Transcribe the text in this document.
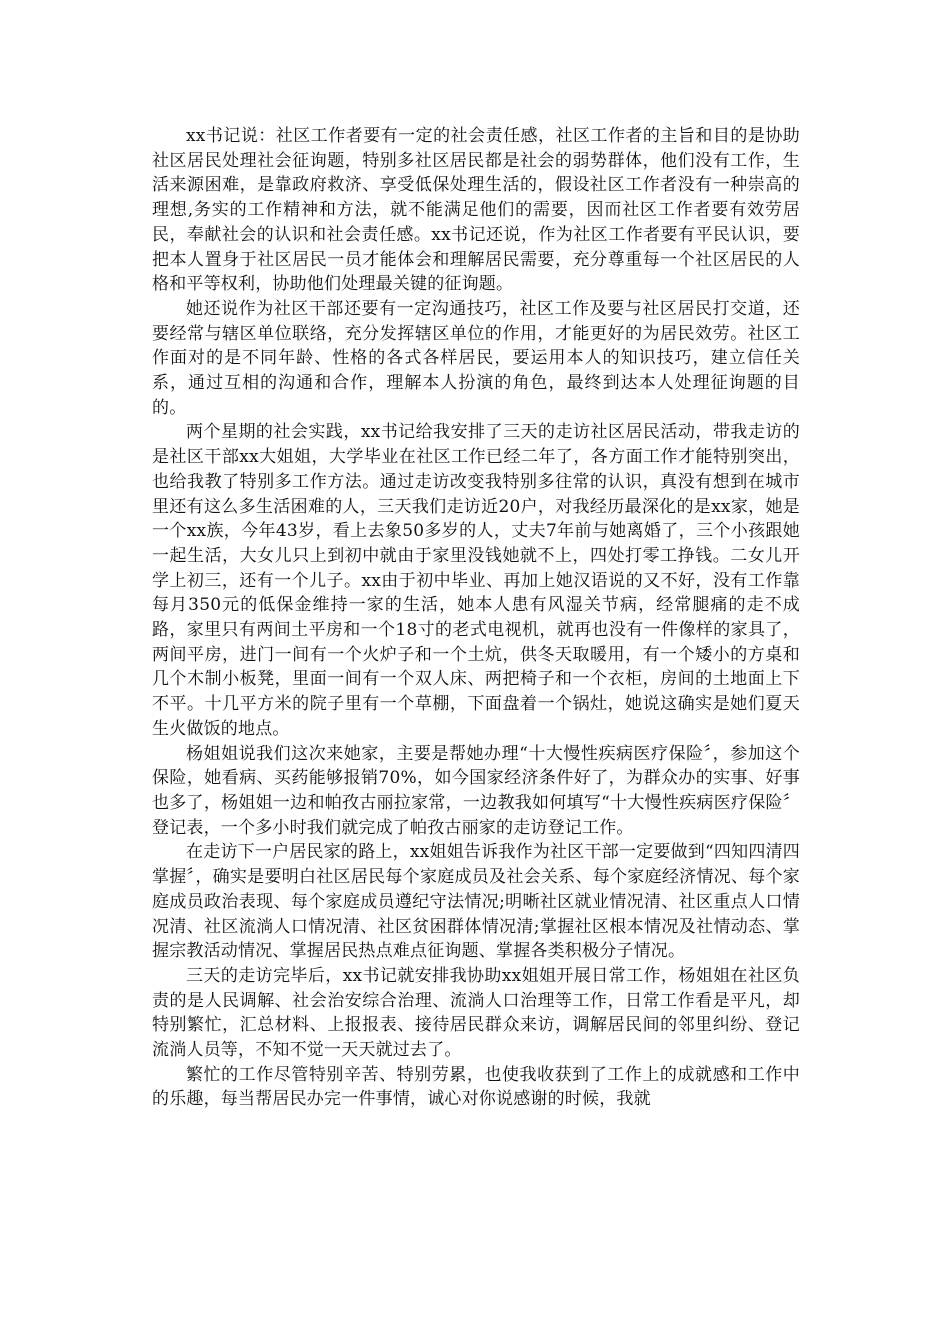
xx书记说：社区工作者要有一定的社会责任感，社区工作者的主旨和目的是协助社区居民处理社会征询题，特别多社区居民都是社会的弱势群体，他们没有工作，生活来源困难，是靠政府救济、享受低保处理生活的，假设社区工作者没有一种崇高的理想,务实的工作精神和方法，就不能满足他们的需要，因而社区工作者要有效劳居民，奉献社会的认识和社会责任感。xx书记还说，作为社区工作者要有平民认识，要把本人置身于社区居民一员才能体会和理解居民需要，充分尊重每一个社区居民的人格和平等权利，协助他们处理最关键的征询题。

她还说作为社区干部还要有一定沟通技巧，社区工作及要与社区居民打交道，还要经常与辖区单位联络，充分发挥辖区单位的作用，才能更好的为居民效劳。社区工作面对的是不同年龄、性格的各式各样居民，要运用本人的知识技巧，建立信任关系，通过互相的沟通和合作，理解本人扮演的角色，最终到达本人处理征询题的目的。

两个星期的社会实践，xx书记给我安排了三天的走访社区居民活动，带我走访的是社区干部xx大姐姐，大学毕业在社区工作已经二年了，各方面工作才能特别突出，也给我教了特别多工作方法。通过走访改变我特别多往常的认识，真没有想到在城市里还有这么多生活困难的人，三天我们走访近20户，对我经历最深化的是xx家，她是一个xx族，今年43岁，看上去象50多岁的人，丈夫7年前与她离婚了，三个小孩跟她一起生活，大女儿只上到初中就由于家里没钱她就不上，四处打零工挣钱。二女儿开学上初三，还有一个儿子。xx由于初中毕业、再加上她汉语说的又不好，没有工作靠每月350元的低保金维持一家的生活，她本人患有风湿关节病，经常腿痛的走不成路，家里只有两间土平房和一个18寸的老式电视机，就再也没有一件像样的家具了，两间平房，进门一间有一个火炉子和一个土炕，供冬天取暖用，有一个矮小的方桌和几个木制小板凳，里面一间有一个双人床、两把椅子和一个衣柜，房间的土地面上下不平。十几平方米的院子里有一个草棚，下面盘着一个锅灶，她说这确实是她们夏天生火做饭的地点。

杨姐姐说我们这次来她家，主要是帮她办理“十大慢性疾病医疗保险〞，参加这个保险，她看病、买药能够报销70%，如今国家经济条件好了，为群众办的实事、好事也多了，杨姐姐一边和帕孜古丽拉家常，一边教我如何填写“十大慢性疾病医疗保险〞登记表，一个多小时我们就完成了帕孜古丽家的走访登记工作。

在走访下一户居民家的路上，xx姐姐告诉我作为社区干部一定要做到“四知四清四掌握〞，确实是要明白社区居民每个家庭成员及社会关系、每个家庭经济情况、每个家庭成员政治表现、每个家庭成员遵纪守法情况;明晰社区就业情况清、社区重点人口情况清、社区流淌人口情况清、社区贫困群体情况清;掌握社区根本情况及社情动态、掌握宗教活动情况、掌握居民热点难点征询题、掌握各类积极分子情况。

三天的走访完毕后，xx书记就安排我协助xx姐姐开展日常工作，杨姐姐在社区负责的是人民调解、社会治安综合治理、流淌人口治理等工作，日常工作看是平凡，却特别繁忙，汇总材料、上报报表、接待居民群众来访，调解居民间的邻里纠纷、登记流淌人员等，不知不觉一天天就过去了。

繁忙的工作尽管特别辛苦、特别劳累，也使我收获到了工作上的成就感和工作中的乐趣，每当帮居民办完一件事情，诚心对你说感谢的时候，我就
